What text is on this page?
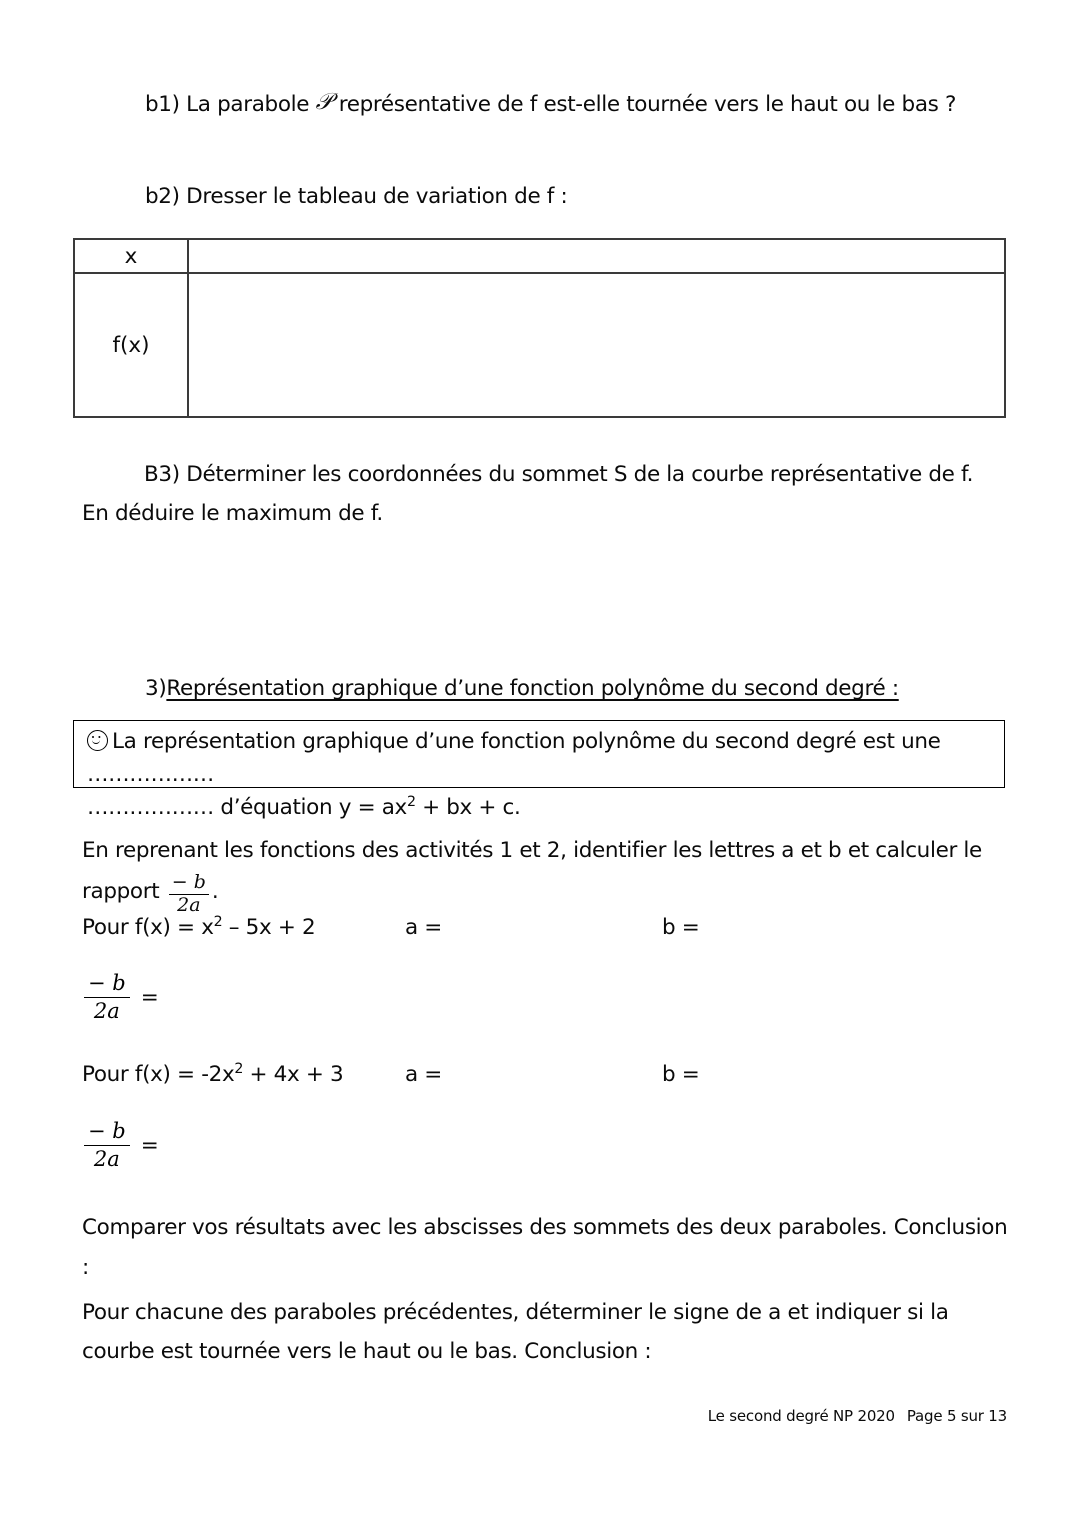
b1) La parabole 𝒫 représentative de f est-elle tournée vers le haut ou le bas ?
b2) Dresser le tableau de variation de f :
x	
f(x)	
B3) Déterminer les coordonnées du sommet S de la courbe représentative de f. En déduire le maximum de f.
3)Représentation graphique d’une fonction polynôme du second degré :
La représentation graphique d’une fonction polynôme du second degré est une ………………
……………… d’équation $y = ax^2$ + bx + c.
En reprenant les fonctions des activités 1 et 2, identifier les lettres a et b et calculer le rapport $\frac{- b}{2a}$ .
Pour $f(x) = x^2 - 5x + 2$	a =	b =
$\frac{- b}{2a}$ =
Pour $f(x) = -2x^2 + 4x + 3$	a =	b =
$\frac{- b}{2a}$ =
Comparer vos résultats avec les abscisses des sommets des deux paraboles. Conclusion :
Pour chacune des paraboles précédentes, déterminer le signe de a et indiquer si la courbe est tournée vers le haut ou le bas. Conclusion :
Le second degré NP 2020 Page 5 sur 13
